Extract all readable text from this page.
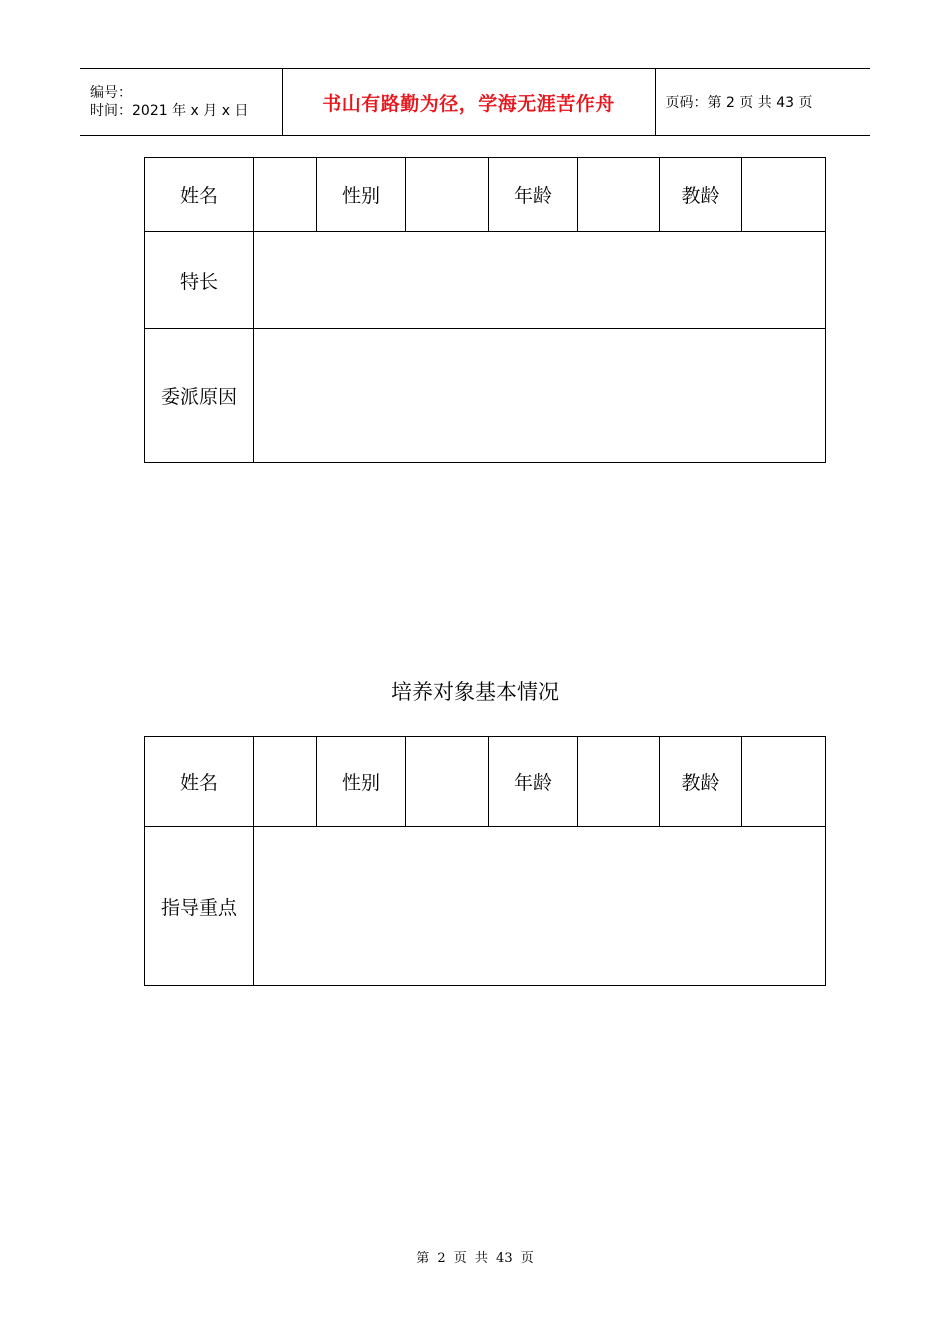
编号：
时间：2021 年 x 月 x 日	书山有路勤为径，学海无涯苦作舟	页码：第 2 页 共 43 页
姓名		性别		年龄		教龄	
特长							
委派原因							
培养对象基本情况
姓名		性别		年龄		教龄	
指导重点							
第 2 页 共 43 页
